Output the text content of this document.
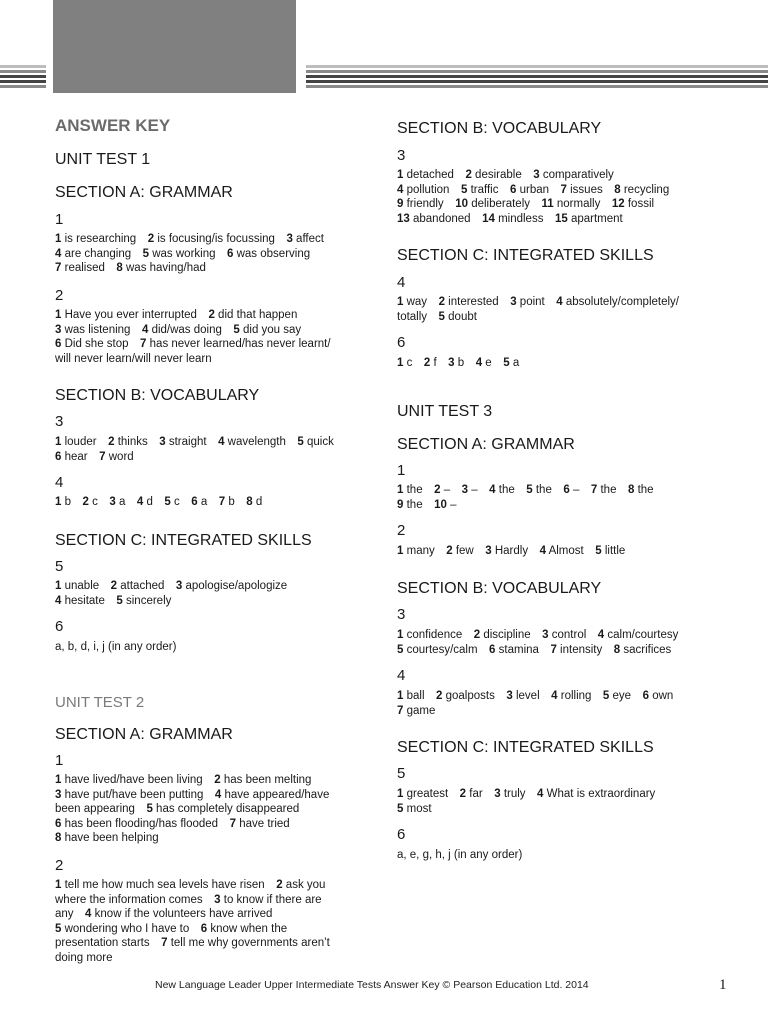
ANSWER KEY
UNIT TEST 1
SECTION A: GRAMMAR
1
1 is researching  2 is focusing/is focussing  3 affect
4 are changing  5 was working  6 was observing
7 realised  8 was having/had
2
1 Have you ever interrupted  2 did that happen
3 was listening  4 did/was doing  5 did you say
6 Did she stop  7 has never learned/has never learnt/
will never learn/will never learn
SECTION B: VOCABULARY
3
1 louder  2 thinks  3 straight  4 wavelength  5 quick
6 hear  7 word
4
1 b  2 c  3 a  4 d  5 c  6 a  7 b  8 d
SECTION C: INTEGRATED SKILLS
5
1 unable  2 attached  3 apologise/apologize
4 hesitate  5 sincerely
6
a, b, d, i, j (in any order)
UNIT TEST 2
SECTION A: GRAMMAR
1
1 have lived/have been living  2 has been melting
3 have put/have been putting  4 have appeared/have
been appearing  5 has completely disappeared
6 has been flooding/has flooded  7 have tried
8 have been helping
2
1 tell me how much sea levels have risen  2 ask you
where the information comes  3 to know if there are
any  4 know if the volunteers have arrived
5 wondering who I have to  6 know when the
presentation starts  7 tell me why governments aren’t
doing more
SECTION B: VOCABULARY
3
1 detached  2 desirable  3 comparatively
4 pollution  5 traffic  6 urban  7 issues  8 recycling
9 friendly  10 deliberately  11 normally  12 fossil
13 abandoned  14 mindless  15 apartment
SECTION C: INTEGRATED SKILLS
4
1 way  2 interested  3 point  4 absolutely/completely/
totally  5 doubt
6
1 c  2 f  3 b  4 e  5 a
UNIT TEST 3
SECTION A: GRAMMAR
1
1 the  2 –  3 –  4 the  5 the  6 –  7 the  8 the
9 the  10 –
2
1 many  2 few  3 Hardly  4 Almost  5 little
SECTION B: VOCABULARY
3
1 confidence  2 discipline  3 control  4 calm/courtesy
5 courtesy/calm  6 stamina  7 intensity  8 sacrifices
4
1 ball  2 goalposts  3 level  4 rolling  5 eye  6 own
7 game
SECTION C: INTEGRATED SKILLS
5
1 greatest  2 far  3 truly  4 What is extraordinary
5 most
6
a, e, g, h, j (in any order)
New Language Leader Upper Intermediate Tests Answer Key © Pearson Education Ltd. 2014	1
